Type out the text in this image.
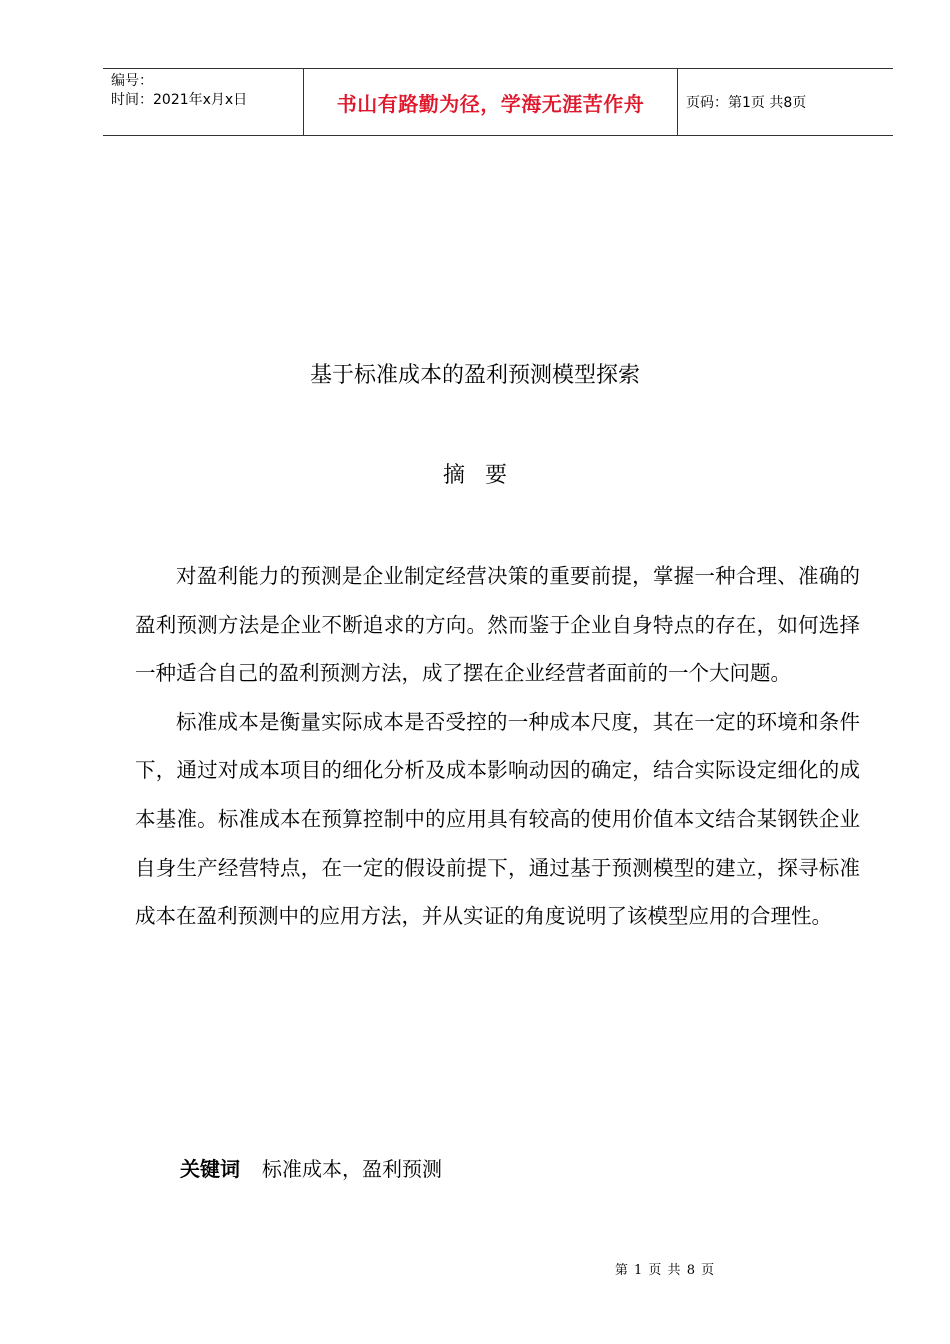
编号：
时间：2021年x月x日	书山有路勤为径，学海无涯苦作舟	页码：第1页 共8页
基于标准成本的盈利预测模型探索
摘要

对盈利能力的预测是企业制定经营决策的重要前提，掌握一种合理、准确的盈利预测方法是企业不断追求的方向。然而鉴于企业自身特点的存在，如何选择一种适合自己的盈利预测方法，成了摆在企业经营者面前的一个大问题。

标准成本是衡量实际成本是否受控的一种成本尺度，其在一定的环境和条件下，通过对成本项目的细化分析及成本影响动因的确定，结合实际设定细化的成本基准。标准成本在预算控制中的应用具有较高的使用价值本文结合某钢铁企业自身生产经营特点，在一定的假设前提下，通过基于预测模型的建立，探寻标准成本在盈利预测中的应用方法，并从实证的角度说明了该模型应用的合理性。

关键词 标准成本，盈利预测
第 1 页 共 8 页
